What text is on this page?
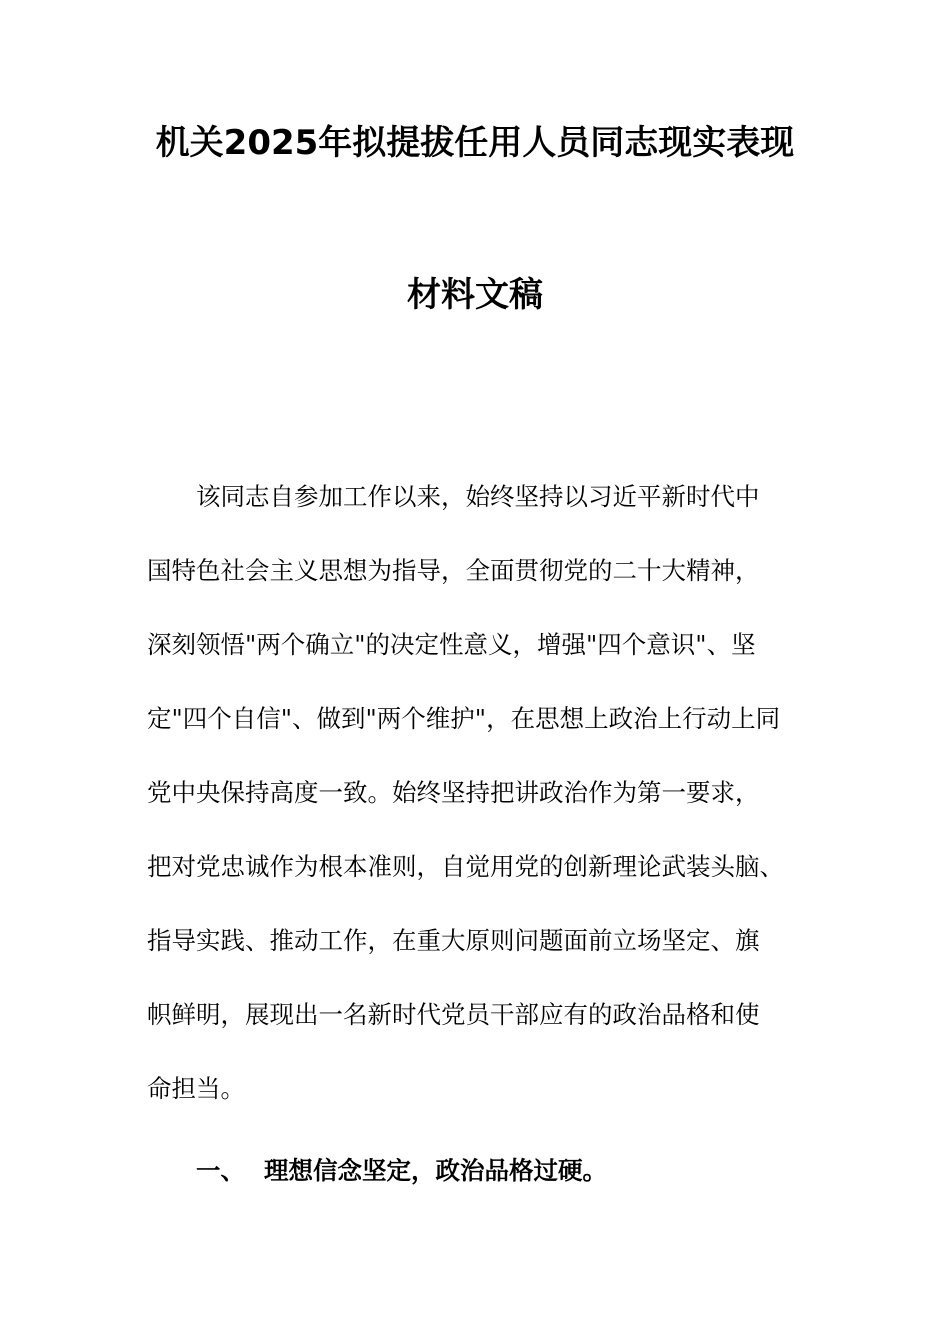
机关2025年拟提拔任用人员同志现实表现
材料文稿

该同志自参加工作以来，始终坚持以习近平新时代中

国特色社会主义思想为指导，全面贯彻党的二十大精神，

深刻领悟"两个确立"的决定性意义，增强"四个意识"、坚

定"四个自信"、做到"两个维护"，在思想上政治上行动上同

党中央保持高度一致。始终坚持把讲政治作为第一要求，

把对党忠诚作为根本准则，自觉用党的创新理论武装头脑、

指导实践、推动工作，在重大原则问题面前立场坚定、旗

帜鲜明，展现出一名新时代党员干部应有的政治品格和使

命担当。

一、 理想信念坚定，政治品格过硬。
